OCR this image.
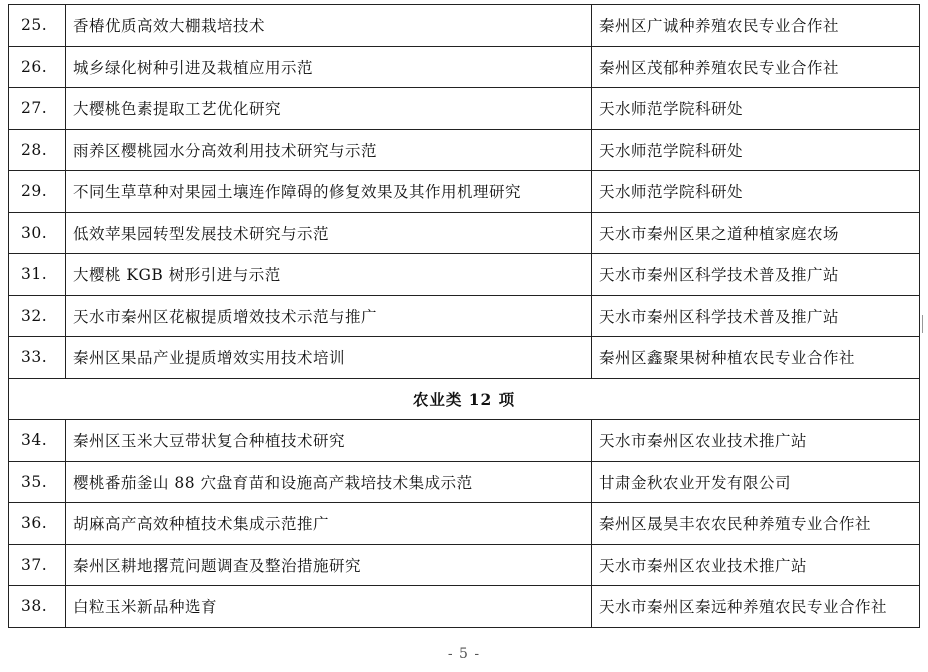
25.	香椿优质高效大棚栽培技术	秦州区广诚种养殖农民专业合作社
26.	城乡绿化树种引进及栽植应用示范	秦州区茂郁种养殖农民专业合作社
27.	大樱桃色素提取工艺优化研究	天水师范学院科研处
28.	雨养区樱桃园水分高效利用技术研究与示范	天水师范学院科研处
29.	不同生草草种对果园土壤连作障碍的修复效果及其作用机理研究	天水师范学院科研处
30.	低效苹果园转型发展技术研究与示范	天水市秦州区果之道种植家庭农场
31.	大樱桃 KGB 树形引进与示范	天水市秦州区科学技术普及推广站
32.	天水市秦州区花椒提质增效技术示范与推广	天水市秦州区科学技术普及推广站
33.	秦州区果品产业提质增效实用技术培训	秦州区鑫聚果树种植农民专业合作社
农业类 12 项		
34.	秦州区玉米大豆带状复合种植技术研究	天水市秦州区农业技术推广站
35.	樱桃番茄釜山 88 穴盘育苗和设施高产栽培技术集成示范	甘肃金秋农业开发有限公司
36.	胡麻高产高效种植技术集成示范推广	秦州区晟昊丰农农民种养殖专业合作社
37.	秦州区耕地撂荒问题调查及整治措施研究	天水市秦州区农业技术推广站
38.	白粒玉米新品种选育	天水市秦州区秦远种养殖农民专业合作社
- 5 -
